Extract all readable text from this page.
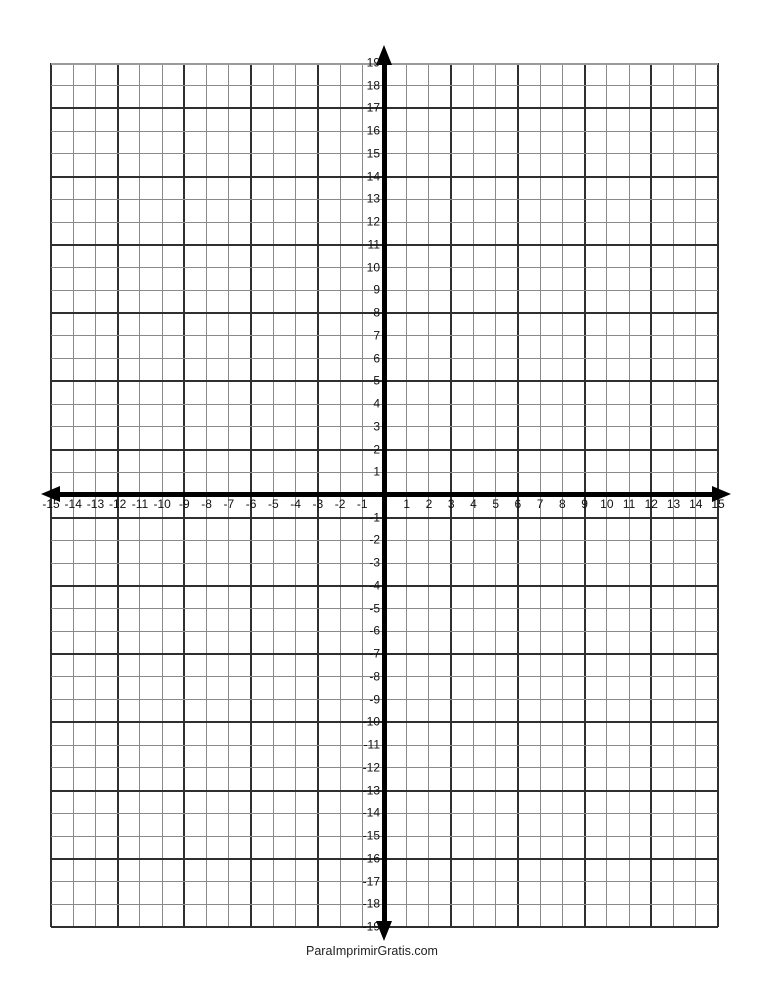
-15 -14 -13 -12 -11 -10 -9 -8 -7 -6 -5 -4 -3 -2 -1	1 2 3 4 5 6 7 8 9 10 11 12 13 14 15
19
18
17
16
15
14
13
12
11
10
9
8
7
6
5
4
3
2
1
-1
-2
-3
-4
-5
-6
-7
-8
-9
-10
-11
-12
-13
-14
-15
-16
-17
-18
-19
ParaImprimirGratis.com
